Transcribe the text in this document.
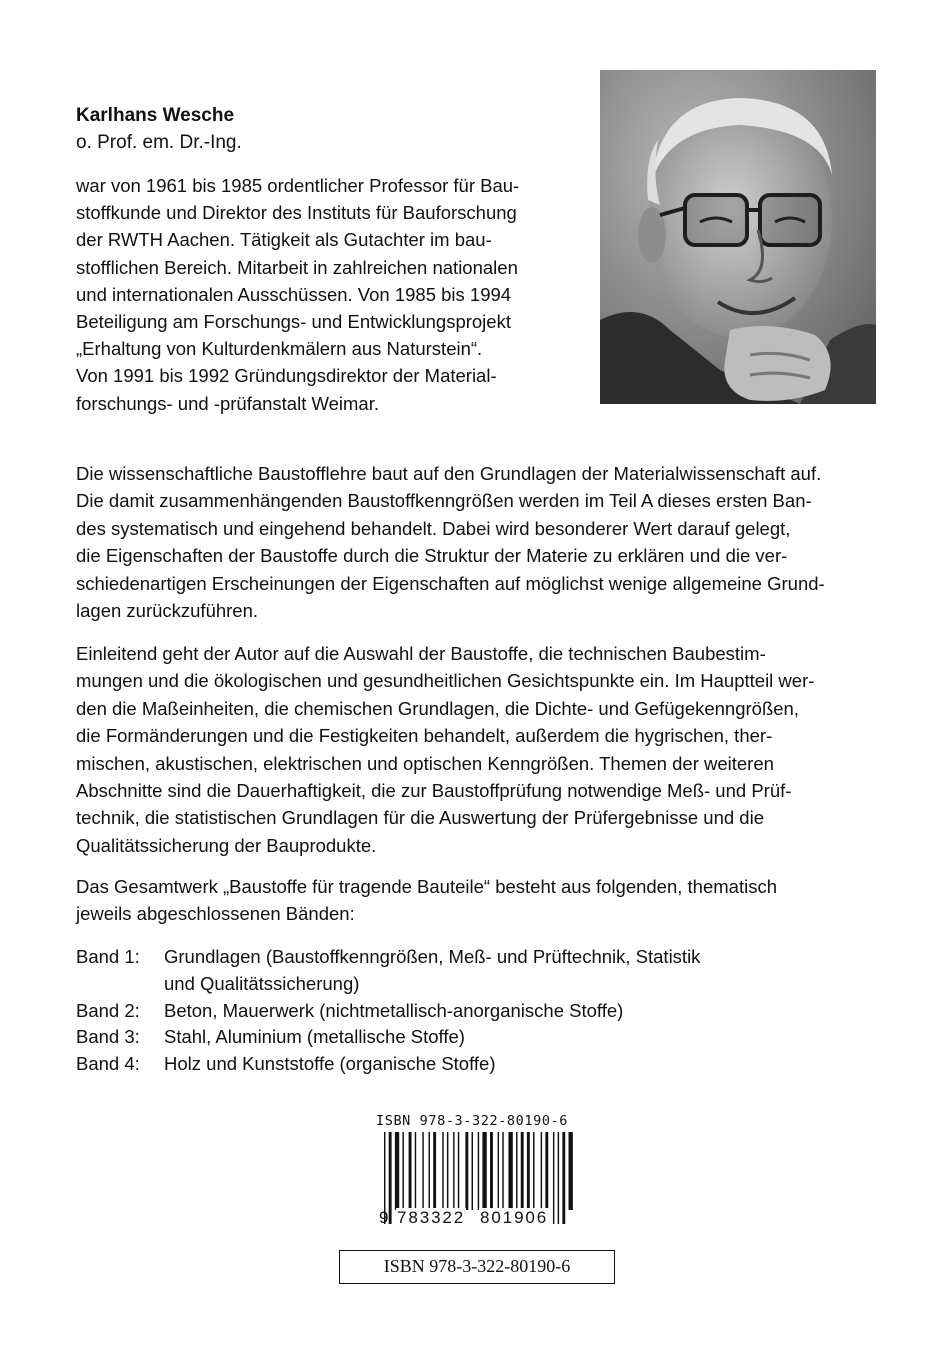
Karlhans Wesche

o. Prof. em. Dr.-Ing.

war von 1961 bis 1985 ordentlicher Professor für Bau-

stoffkunde und Direktor des Instituts für Bauforschung

der RWTH Aachen. Tätigkeit als Gutachter im bau-

stofflichen Bereich. Mitarbeit in zahlreichen nationalen

und internationalen Ausschüssen. Von 1985 bis 1994

Beteiligung am Forschungs- und Entwicklungsprojekt

„Erhaltung von Kulturdenkmälern aus Naturstein“.

Von 1991 bis 1992 Gründungsdirektor der Material-

forschungs- und -prüfanstalt Weimar.

Die wissenschaftliche Baustofflehre baut auf den Grundlagen der Materialwissenschaft auf.

Die damit zusammenhängenden Baustoffkenngrößen werden im Teil A dieses ersten Ban-

des systematisch und eingehend behandelt. Dabei wird besonderer Wert darauf gelegt,

die Eigenschaften der Baustoffe durch die Struktur der Materie zu erklären und die ver-

schiedenartigen Erscheinungen der Eigenschaften auf möglichst wenige allgemeine Grund-

lagen zurückzuführen.

Einleitend geht der Autor auf die Auswahl der Baustoffe, die technischen Baubestim-

mungen und die ökologischen und gesundheitlichen Gesichtspunkte ein. Im Hauptteil wer-

den die Maßeinheiten, die chemischen Grundlagen, die Dichte- und Gefügekenngrößen,

die Formänderungen und die Festigkeiten behandelt, außerdem die hygrischen, ther-

mischen, akustischen, elektrischen und optischen Kenngrößen. Themen der weiteren

Abschnitte sind die Dauerhaftigkeit, die zur Baustoffprüfung notwendige Meß- und Prüf-

technik, die statistischen Grundlagen für die Auswertung der Prüfergebnisse und die

Qualitätssicherung der Bauprodukte.

Das Gesamtwerk „Baustoffe für tragende Bauteile“ besteht aus folgenden, thematisch

jeweils abgeschlossenen Bänden:

Band 1:	Grundlagen (Baustoffkenngrößen, Meß- und Prüftechnik, Statistik
und Qualitätssicherung)
Band 2:	Beton, Mauerwerk (nichtmetallisch-anorganische Stoffe)
Band 3:	Stahl, Aluminium (metallische Stoffe)
Band 4:	Holz und Kunststoffe (organische Stoffe)
ISBN 978-3-322-80190-6
9 783322 801906
ISBN 978-3-322-80190-6
